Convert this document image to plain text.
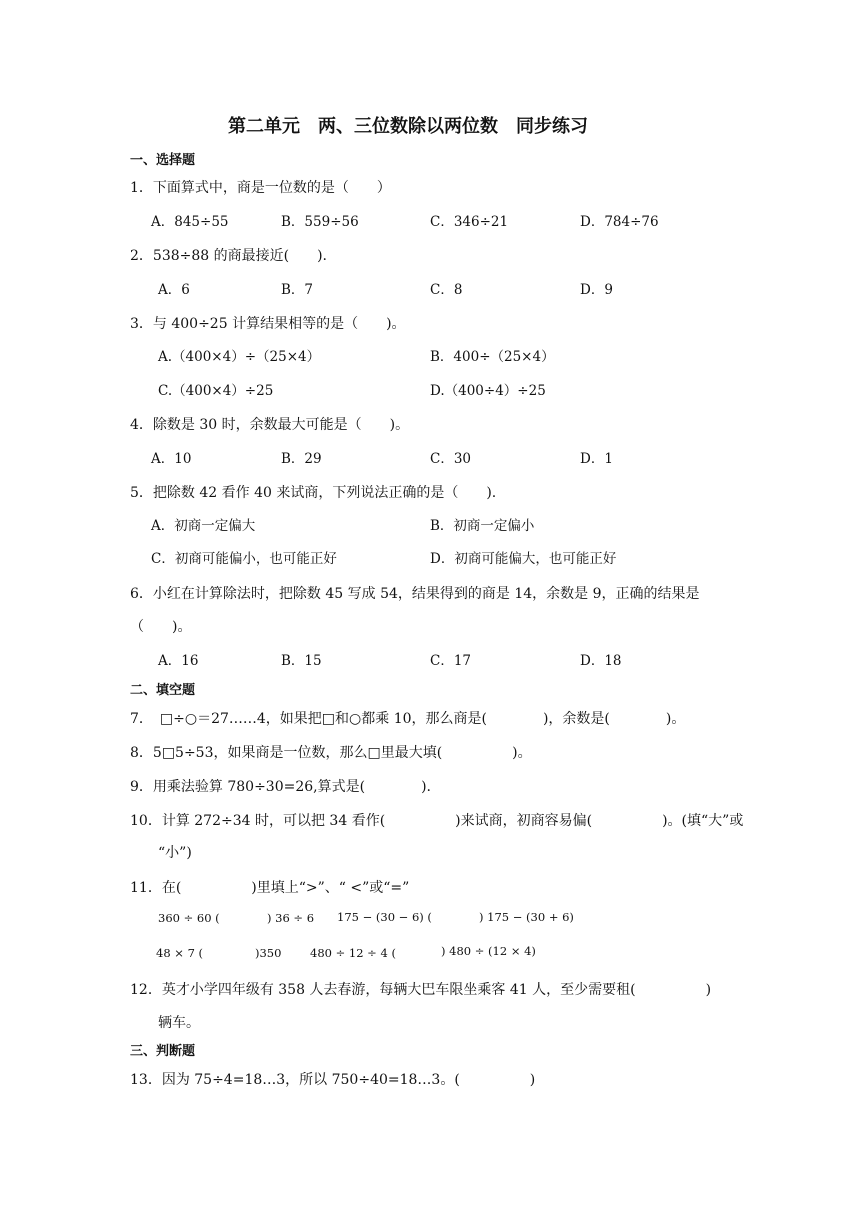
第二单元　两、三位数除以两位数　同步练习
一、选择题
1．下面算式中，商是一位数的是（　　）
A．845÷55	B．559÷56	C．346÷21	D．784÷76
2．538÷88 的商最接近(　　).
A．6	B．7	C．8	D．9
3．与 400÷25 计算结果相等的是（　　)。
A.（400×4）÷（25×4）	B．400÷（25×4）
C.（400×4）÷25	D.（400÷4）÷25
4．除数是 30 时，余数最大可能是（　　)。
A．10	B．29	C．30	D．1
5．把除数 42 看作 40 来试商，下列说法正确的是（　　).
A．初商一定偏大	B．初商一定偏小
C．初商可能偏小，也可能正好	D．初商可能偏大，也可能正好
6．小红在计算除法时，把除数 45 写成 54，结果得到的商是 14，余数是 9，正确的结果是
（　　)。
A．16	B．15	C．17	D．18
二、填空题
7．　□÷○＝27……4，如果把□和○都乘 10，那么商是(　　　　)，余数是(　　　　)。
8．5□5÷53，如果商是一位数，那么□里最大填(　　　　　)。
9．用乘法验算 780÷30=26,算式是(　　　　).
10．计算 272÷34 时，可以把 34 看作(　　　　　)来试商，初商容易偏(　　　　　)。(填“大”或
“小”)
11．在(　　　　　)里填上“>”、“ <”或“=”
360 ÷ 60 (	) 36 ÷ 6 175 − (30 − 6) (	) 175 − (30 + 6)
48 × 7 (	)350 480 ÷ 12 ÷ 4 (	) 480 ÷ (12 × 4)
12．英才小学四年级有 358 人去春游，每辆大巴车限坐乘客 41 人，至少需要租(　　　　　)
辆车。
三、判断题
13．因为 75÷4=18…3，所以 750÷40=18…3。(　　　　　)
